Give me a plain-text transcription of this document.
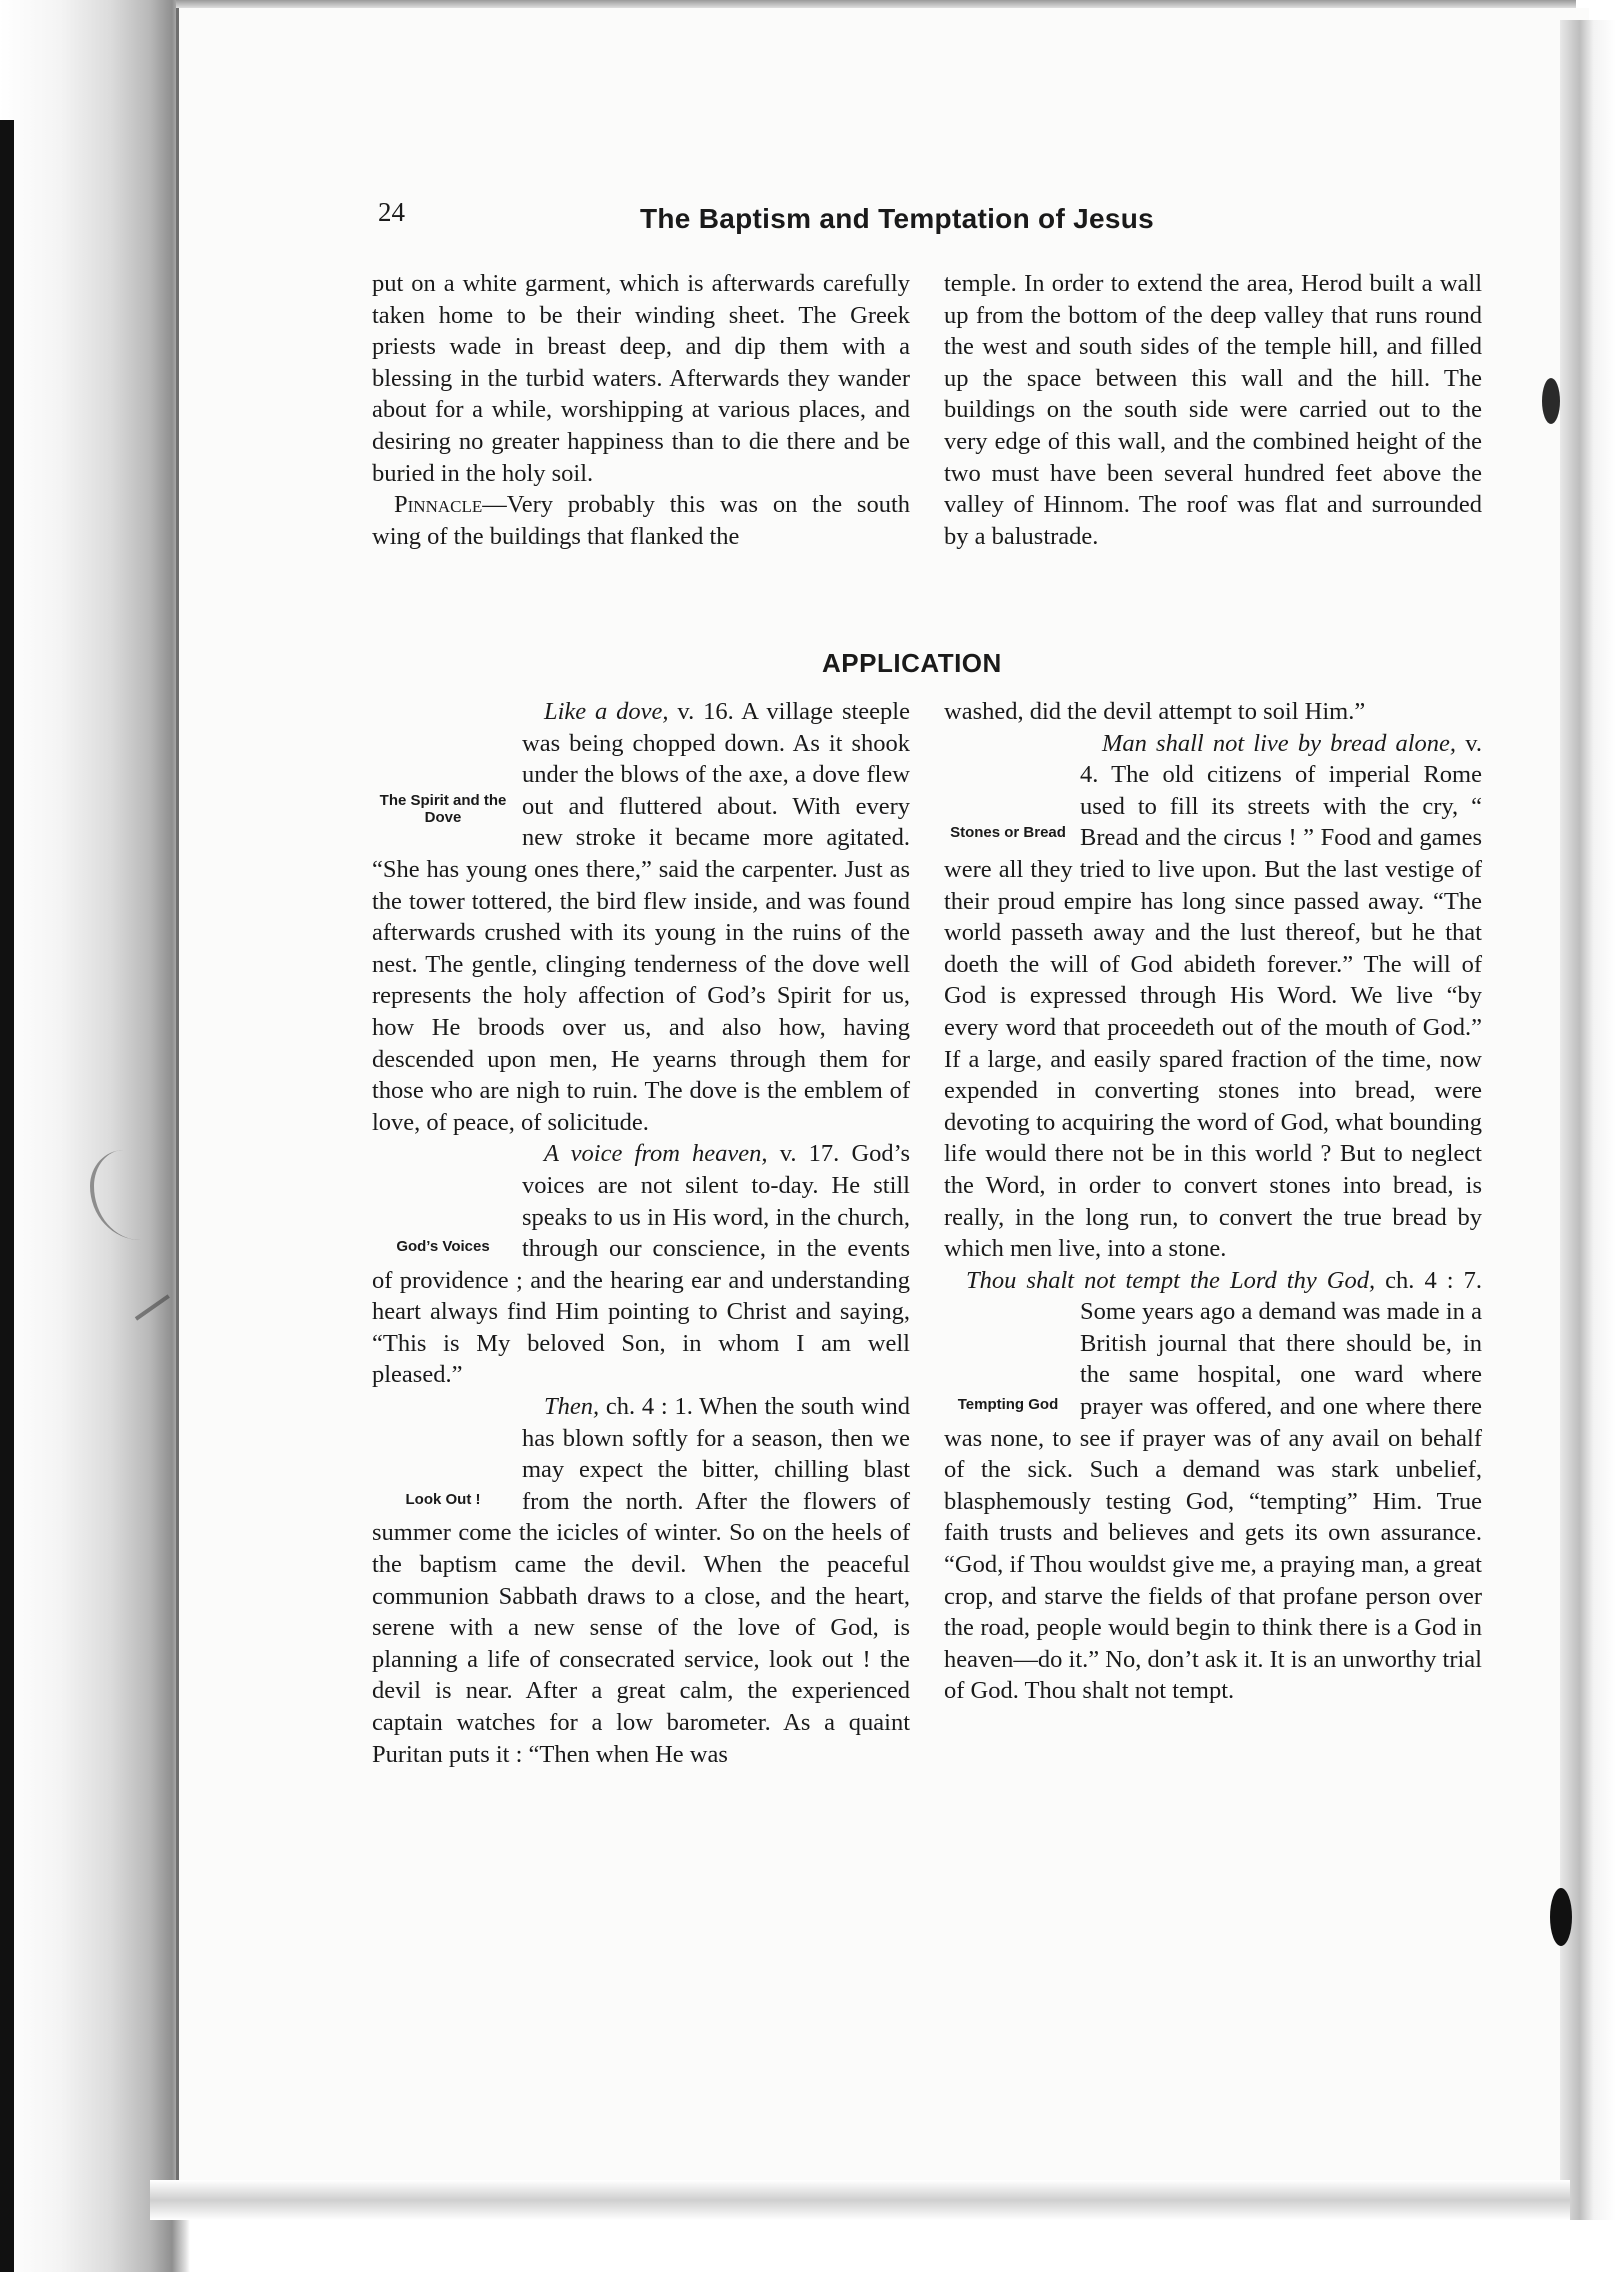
24	The Baptism and Temptation of Jesus

put on a white garment, which is afterwards carefully taken home to be their winding sheet. The Greek priests wade in breast deep, and dip them with a blessing in the turbid waters. Afterwards they wander about for a while, worshipping at various places, and desiring no greater happiness than to die there and be buried in the holy soil.

Pinnacle—Very probably this was on the south wing of the buildings that flanked the

temple. In order to extend the area, Herod built a wall up from the bottom of the deep valley that runs round the west and south sides of the temple hill, and filled up the space between this wall and the hill. The buildings on the south side were carried out to the very edge of this wall, and the combined height of the two must have been several hundred feet above the valley of Hinnom. The roof was flat and surrounded by a balustrade.

APPLICATION

Like a dove,
The Spirit and the Dove
v. 16. A village steeple was being chopped down. As it shook under the blows of the axe, a dove flew out and fluttered about. With every new stroke it became more agitated. “She has young ones there,” said the carpenter. Just as the tower tottered, the bird flew inside, and was found afterwards crushed with its young in the ruins of the nest. The gentle, clinging tenderness of the dove well represents the holy affection of God’s Spirit for us, how He broods over us, and also how, having descended upon men, He yearns through them for those who are nigh to ruin. The dove is the emblem of love, of peace, of solicitude.

A voice from heaven,
God’s Voices
v. 17. God’s voices are not silent to-day. He still speaks to us in His word, in the church, through our conscience, in the events of providence ; and the hearing ear and understanding heart always find Him pointing to Christ and saying, “This is My beloved Son, in whom I am well pleased.”

Then,
Look Out !
ch. 4 : 1. When the south wind has blown softly for a season, then we may expect the bitter, chilling blast from the north. After the flowers of summer come the icicles of winter. So on the heels of the baptism came the devil. When the peaceful communion Sabbath draws to a close, and the heart, serene with a new sense of the love of God, is planning a life of consecrated service, look out ! the devil is near. After a great calm, the experienced captain watches for a low barometer. As a quaint Puritan puts it : “Then when He was

washed, did the devil attempt to soil Him.”

Man shall not live by bread alone,
Stones or Bread
v. 4. The old citizens of imperial Rome used to fill its streets with the cry, “ Bread and the circus ! ” Food and games were all they tried to live upon. But the last vestige of their proud empire has long since passed away. “The world passeth away and the lust thereof, but he that doeth the will of God abideth forever.” The will of God is expressed through His Word. We live “by every word that proceedeth out of the mouth of God.” If a large, and easily spared fraction of the time, now expended in converting stones into bread, were devoting to acquiring the word of God, what bounding life would there not be in this world ? But to neglect the Word, in order to convert stones into bread, is really, in the long run, to convert the true bread by which men live, into a stone.

Thou shalt not tempt the Lord thy God,
Tempting God
ch. 4 : 7. Some years ago a demand was made in a British journal that there should be, in the same hospital, one ward where prayer was offered, and one where there was none, to see if prayer was of any avail on behalf of the sick. Such a demand was stark unbelief, blasphemously testing God, “tempting” Him. True faith trusts and believes and gets its own assurance. “God, if Thou wouldst give me, a praying man, a great crop, and starve the fields of that profane person over the road, people would begin to think there is a God in heaven—do it.” No, don’t ask it. It is an unworthy trial of God. Thou shalt not tempt.
